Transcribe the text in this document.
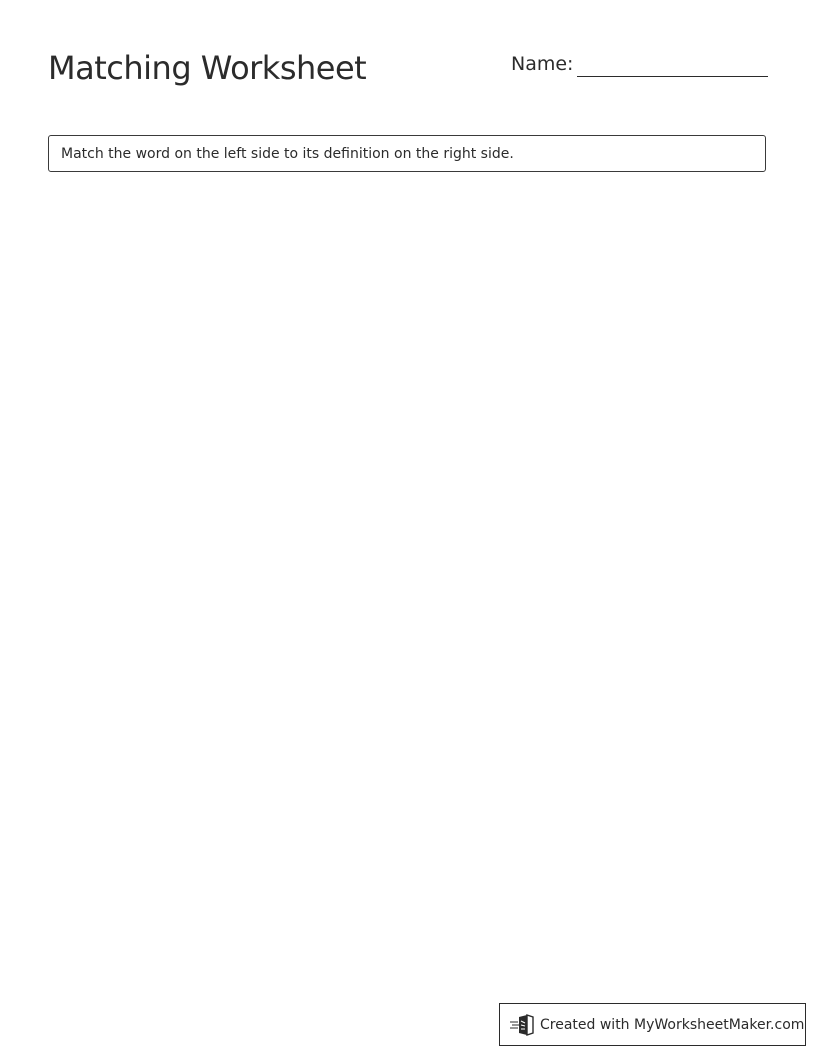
Matching Worksheet	Name:
Match the word on the left side to its definition on the right side.
Created with MyWorksheetMaker.com
